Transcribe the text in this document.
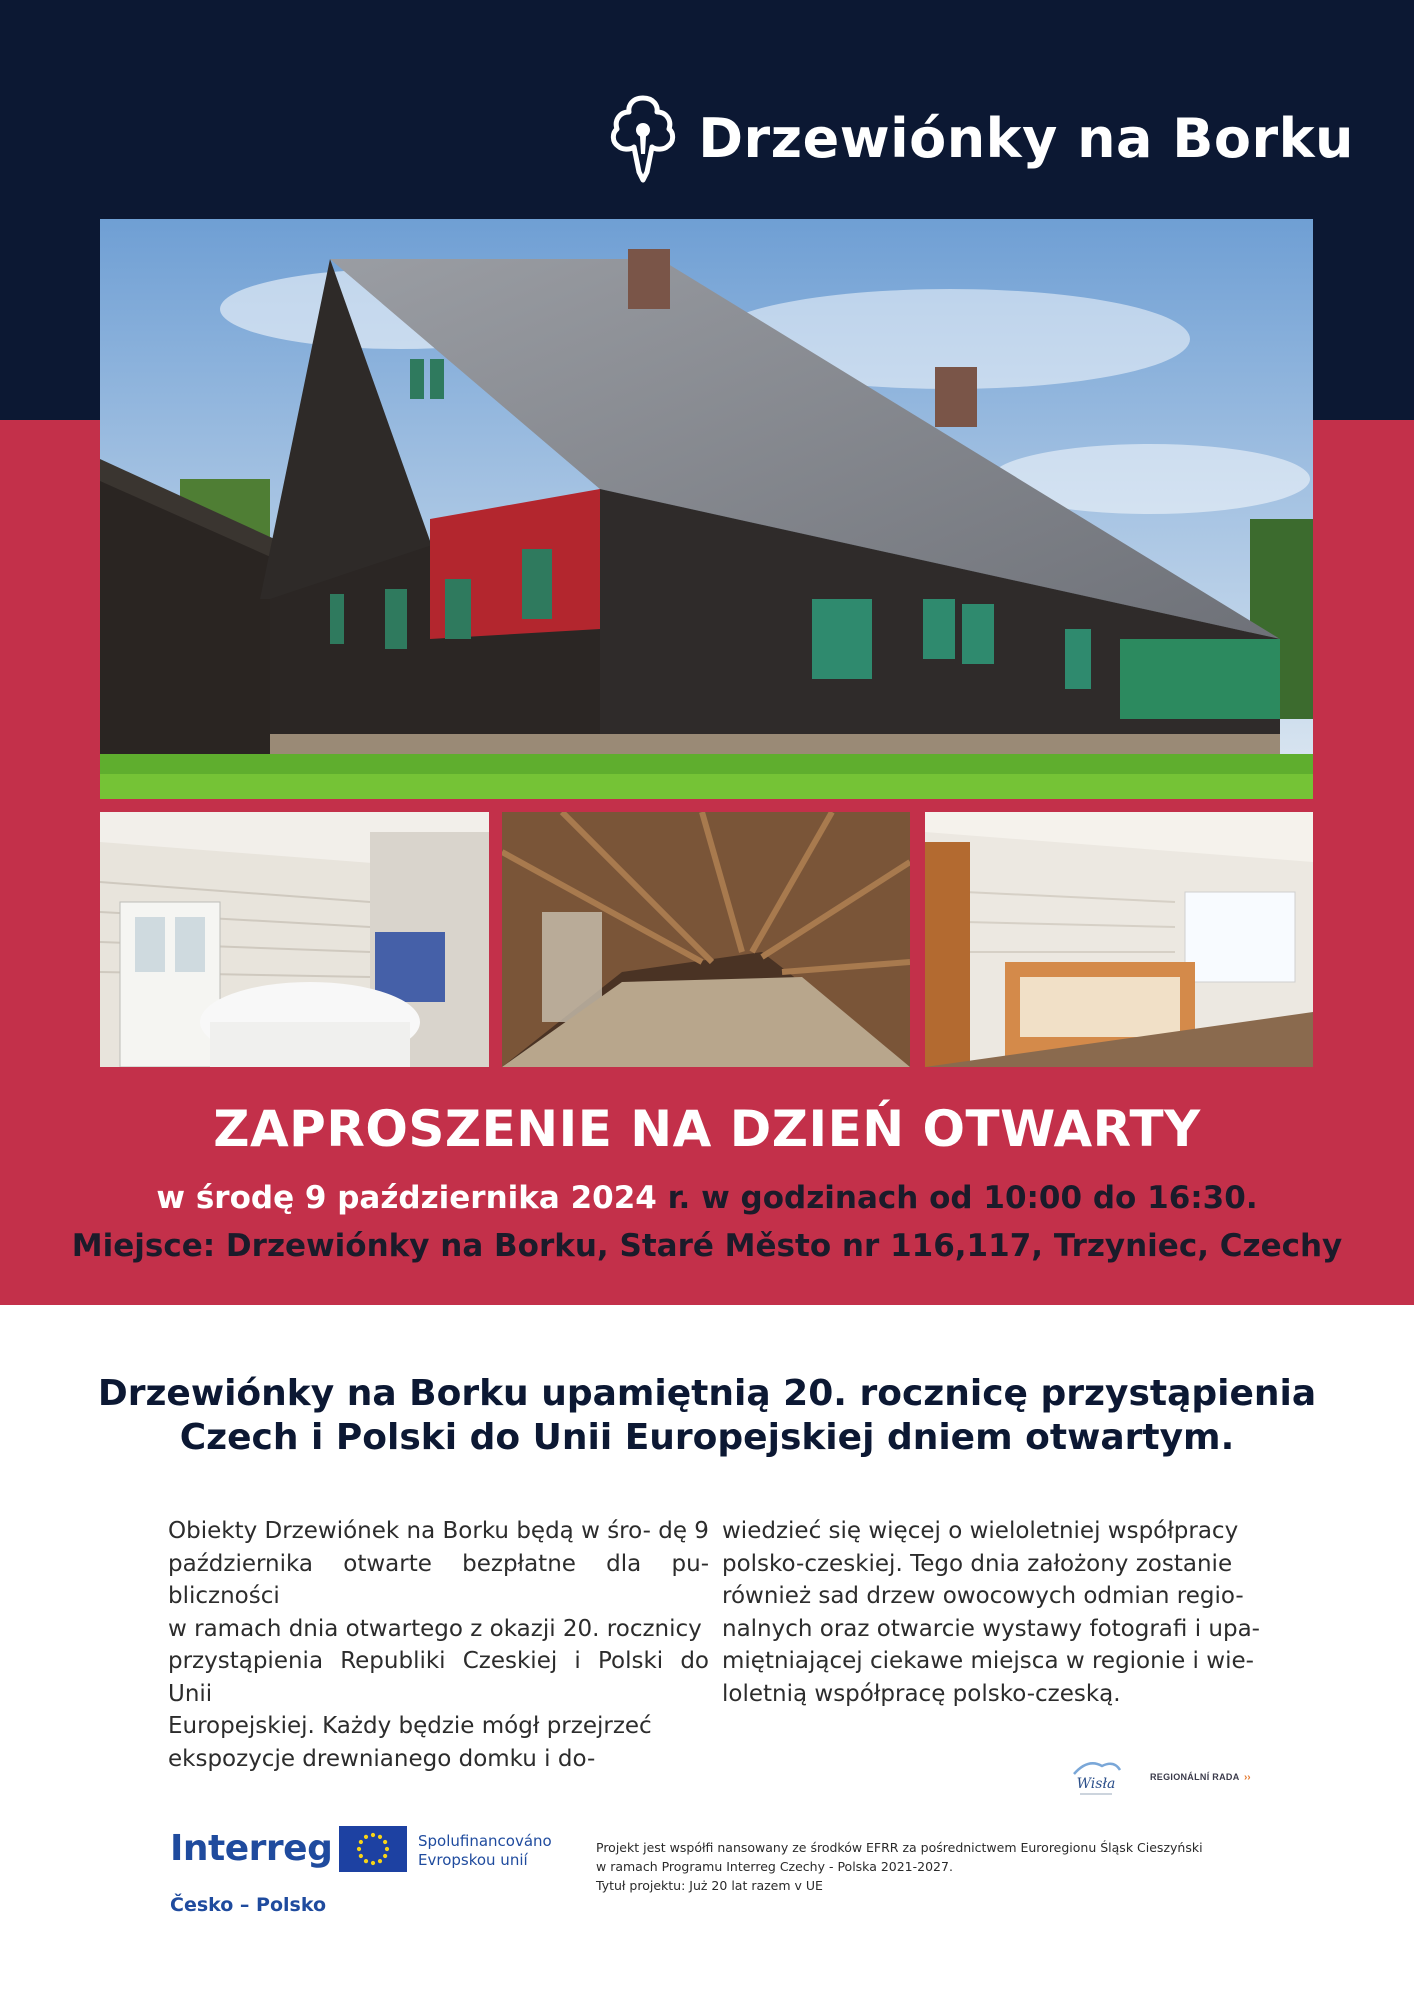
Drzewiónky na Borku
ZAPROSZENIE NA DZIEŃ OTWARTY
w środę 9 października 2024 r. w godzinach od 10:00 do 16:30.
Miejsce: Drzewiónky na Borku, Staré Město nr 116,117, Trzyniec, Czechy
Drzewiónky na Borku upamiętnią 20. rocznicę przystąpienia
Czech i Polski do Unii Europejskiej dniem otwartym.
Obiekty Drzewiónek na Borku będą w śro- dę 9
października otwarte bezpłatne dla pu- bliczności
w ramach dnia otwartego z okazji 20. rocznicy
przystąpienia Republiki Czeskiej i Polski do Unii
Europejskiej. Każdy będzie mógł przejrzeć
ekspozycje drewnianego domku i do-
wiedzieć się więcej o wieloletniej współpracy
polsko-czeskiej. Tego dnia założony zostanie
również sad drzew owocowych odmian regio-
nalnych oraz otwarcie wystawy fotografi i upa-
miętniającej ciekawe miejsca w regionie i wie-
loletnią współpracę polsko-czeską.
Wisła	REGIONÁLNÍ RADA ››
Interreg
Česko – Polsko
Spolufinancováno
Evropskou unií
Projekt jest współfi nansowany ze środków EFRR za pośrednictwem Euroregionu Śląsk Cieszyński
w ramach Programu Interreg Czechy - Polska 2021-2027.
Tytuł projektu: Już 20 lat razem v UE
